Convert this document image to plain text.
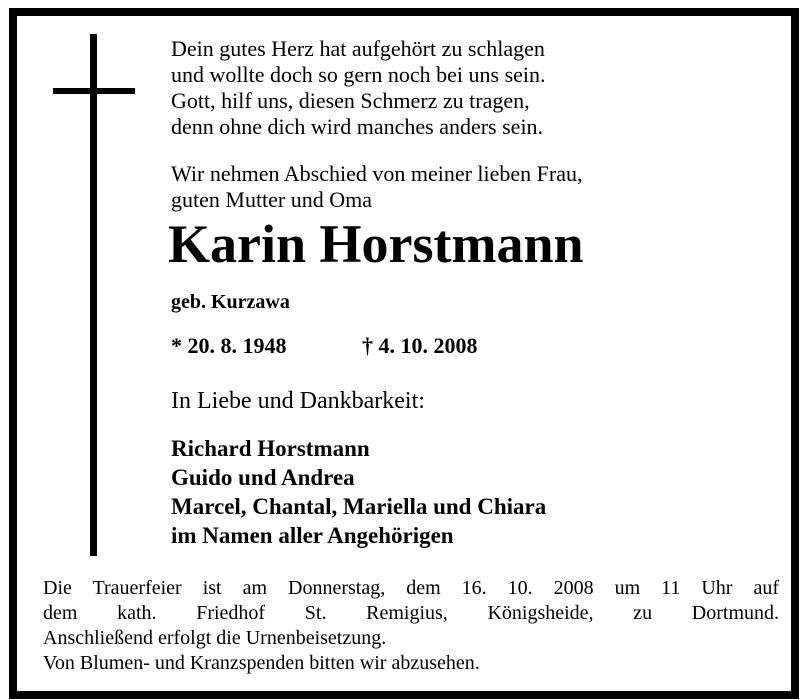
Dein gutes Herz hat aufgehört zu schlagen
und wollte doch so gern noch bei uns sein.
Gott, hilf uns, diesen Schmerz zu tragen,
denn ohne dich wird manches anders sein.
Wir nehmen Abschied von meiner lieben Frau,
guten Mutter und Oma
Karin Horstmann
geb. Kurzawa
* 20. 8. 1948	† 4. 10. 2008
In Liebe und Dankbarkeit:
Richard Horstmann
Guido und Andrea
Marcel, Chantal, Mariella und Chiara
im Namen aller Angehörigen
Die Trauerfeier ist am Donnerstag, dem 16. 10. 2008 um 11 Uhr auf
dem kath. Friedhof St. Remigius, Königsheide, zu Dortmund.
Anschließend erfolgt die Urnenbeisetzung.
Von Blumen- und Kranzspenden bitten wir abzusehen.
